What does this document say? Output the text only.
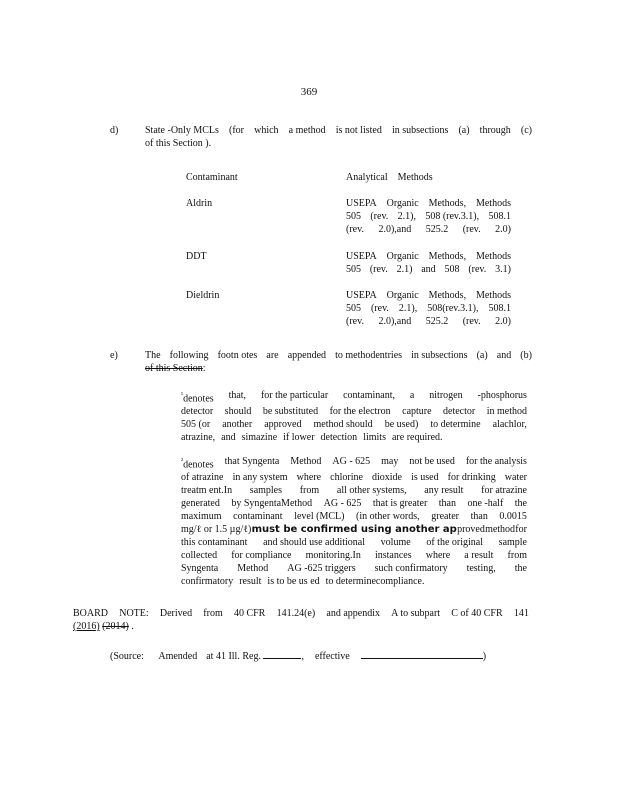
369
d)	State -Only MCLs (for which a method is not listed in subsections (a) through (c)
of this Section ).
Contaminant	Analytical    Methods
Aldrin	USEPA Organic Methods, Methods
505 (rev. 2.1), 508 (rev.3.1), 508.1
(rev. 2.0),and 525.2 (rev. 2.0)
DDT	USEPA Organic Methods, Methods
505 (rev. 2.1) and 508 (rev. 3.1)
Dieldrin	USEPA Organic Methods, Methods
505 (rev. 2.1), 508(rev.3.1), 508.1
(rev. 2.0),and 525.2 (rev. 2.0)
e)	The following footn otes are appended to methodentries in subsections (a) and (b)
of this Section:
$^{^1}$denotes that, for the particular contaminant, a nitrogen -phosphorus
detector should be substituted for the electron capture detector in method
505 (or another approved method should be used) to determine alachlor,
atrazine, and simazine if lower detection limits are required.
$^{^2}$denotes that Syngenta Method AG - 625 may not be used for the analysis
of atrazine in any system where chlorine dioxide is used for drinking water
treatm ent.In samples from all other systems, any result for atrazine
generated by SyngentaMethod AG - 625 that is greater than one -half the
maximum contaminant level (MCL) (in other words, greater than 0.0015
mg/ℓ or 1.5 µg/ℓ) must be confirmed using another ap proved method for
this contaminant and should use additional volume of the original sample
collected for compliance monitoring.In instances where a result from
Syngenta Method AG -625 triggers such confirmatory testing, the
confirmatory result is to be us ed to determinecompliance.
BOARD NOTE: Derived from 40 CFR 141.24(e) and appendix A to subpart C of 40 CFR 141
(2016) (2014) .
(Source: Amended at 41 Ill. Reg.	, effective	)
